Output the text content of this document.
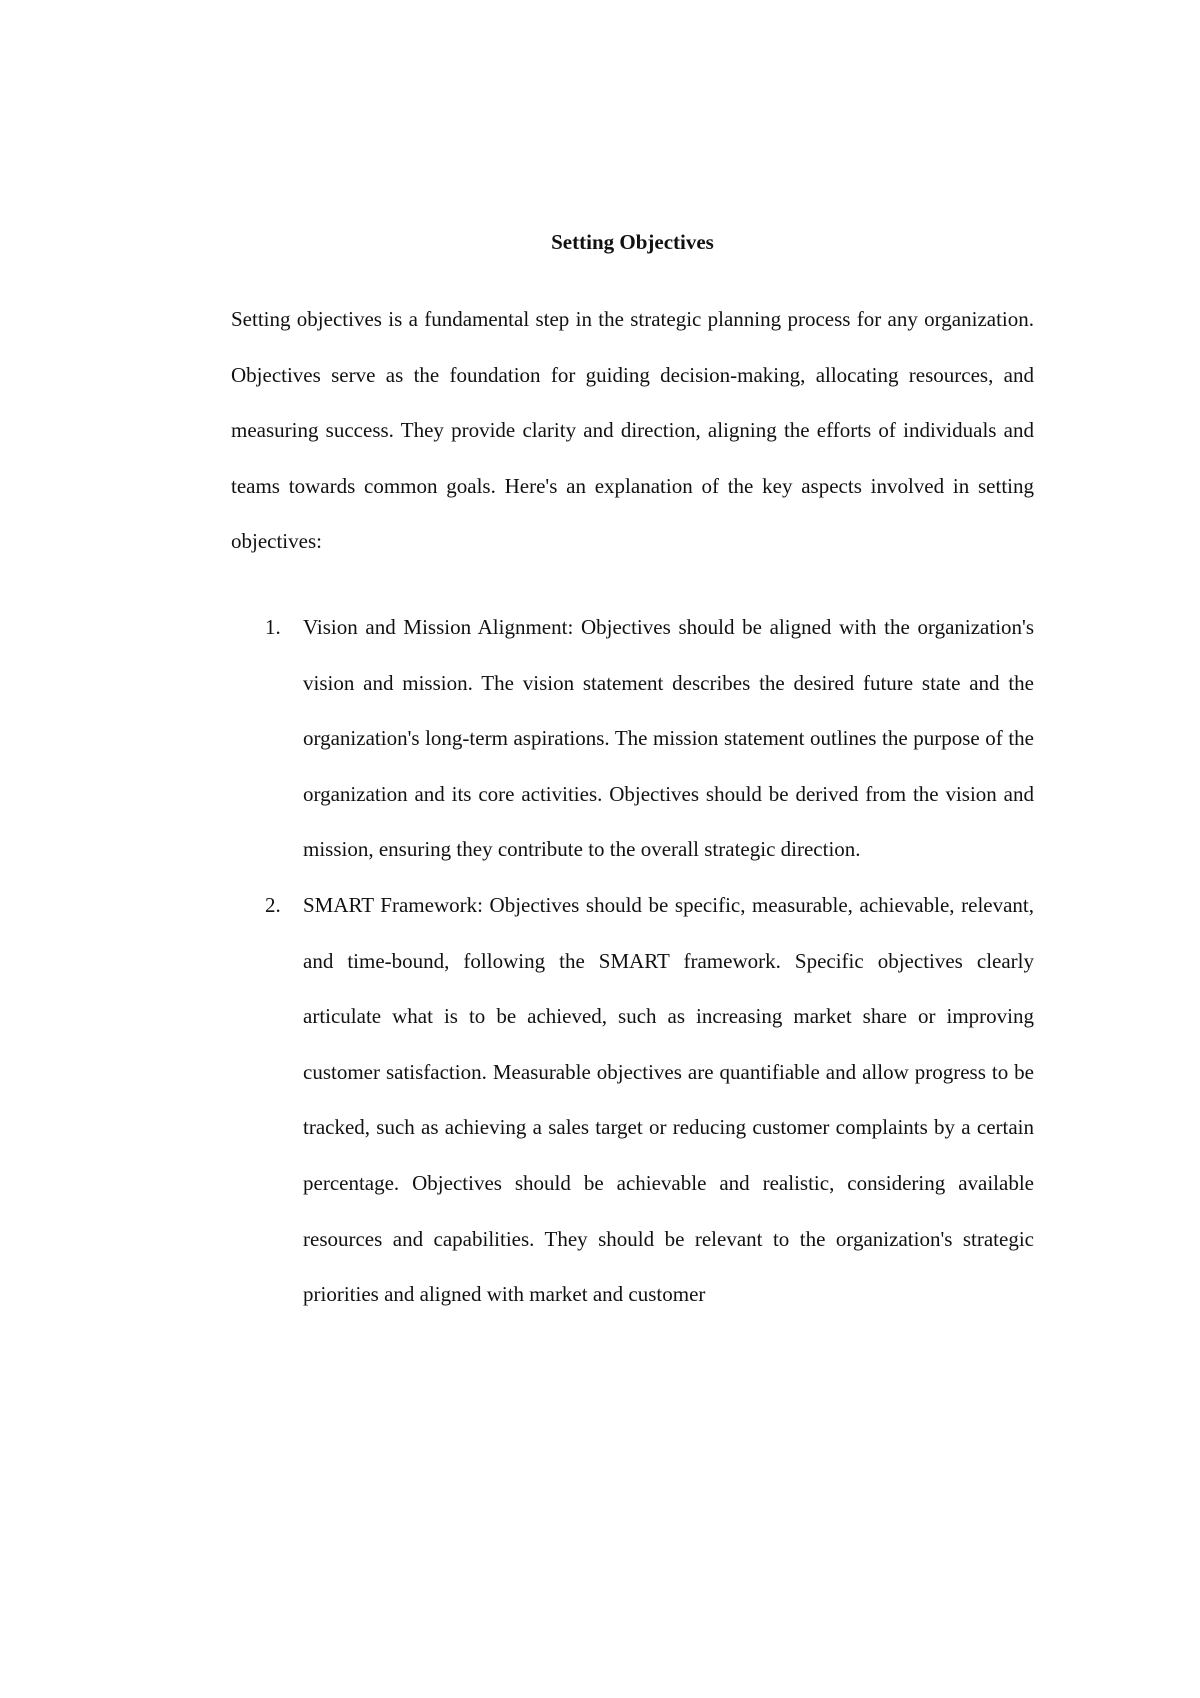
Setting Objectives

Setting objectives is a fundamental step in the strategic planning process for any organization. Objectives serve as the foundation for guiding decision-making, allocating resources, and measuring success. They provide clarity and direction, aligning the efforts of individuals and teams towards common goals. Here's an explanation of the key aspects involved in setting objectives:

1. Vision and Mission Alignment: Objectives should be aligned with the organization's vision and mission. The vision statement describes the desired future state and the organization's long-term aspirations. The mission statement outlines the purpose of the organization and its core activities. Objectives should be derived from the vision and mission, ensuring they contribute to the overall strategic direction.
2. SMART Framework: Objectives should be specific, measurable, achievable, relevant, and time-bound, following the SMART framework. Specific objectives clearly articulate what is to be achieved, such as increasing market share or improving customer satisfaction. Measurable objectives are quantifiable and allow progress to be tracked, such as achieving a sales target or reducing customer complaints by a certain percentage. Objectives should be achievable and realistic, considering available resources and capabilities. They should be relevant to the organization's strategic priorities and aligned with market and customer
